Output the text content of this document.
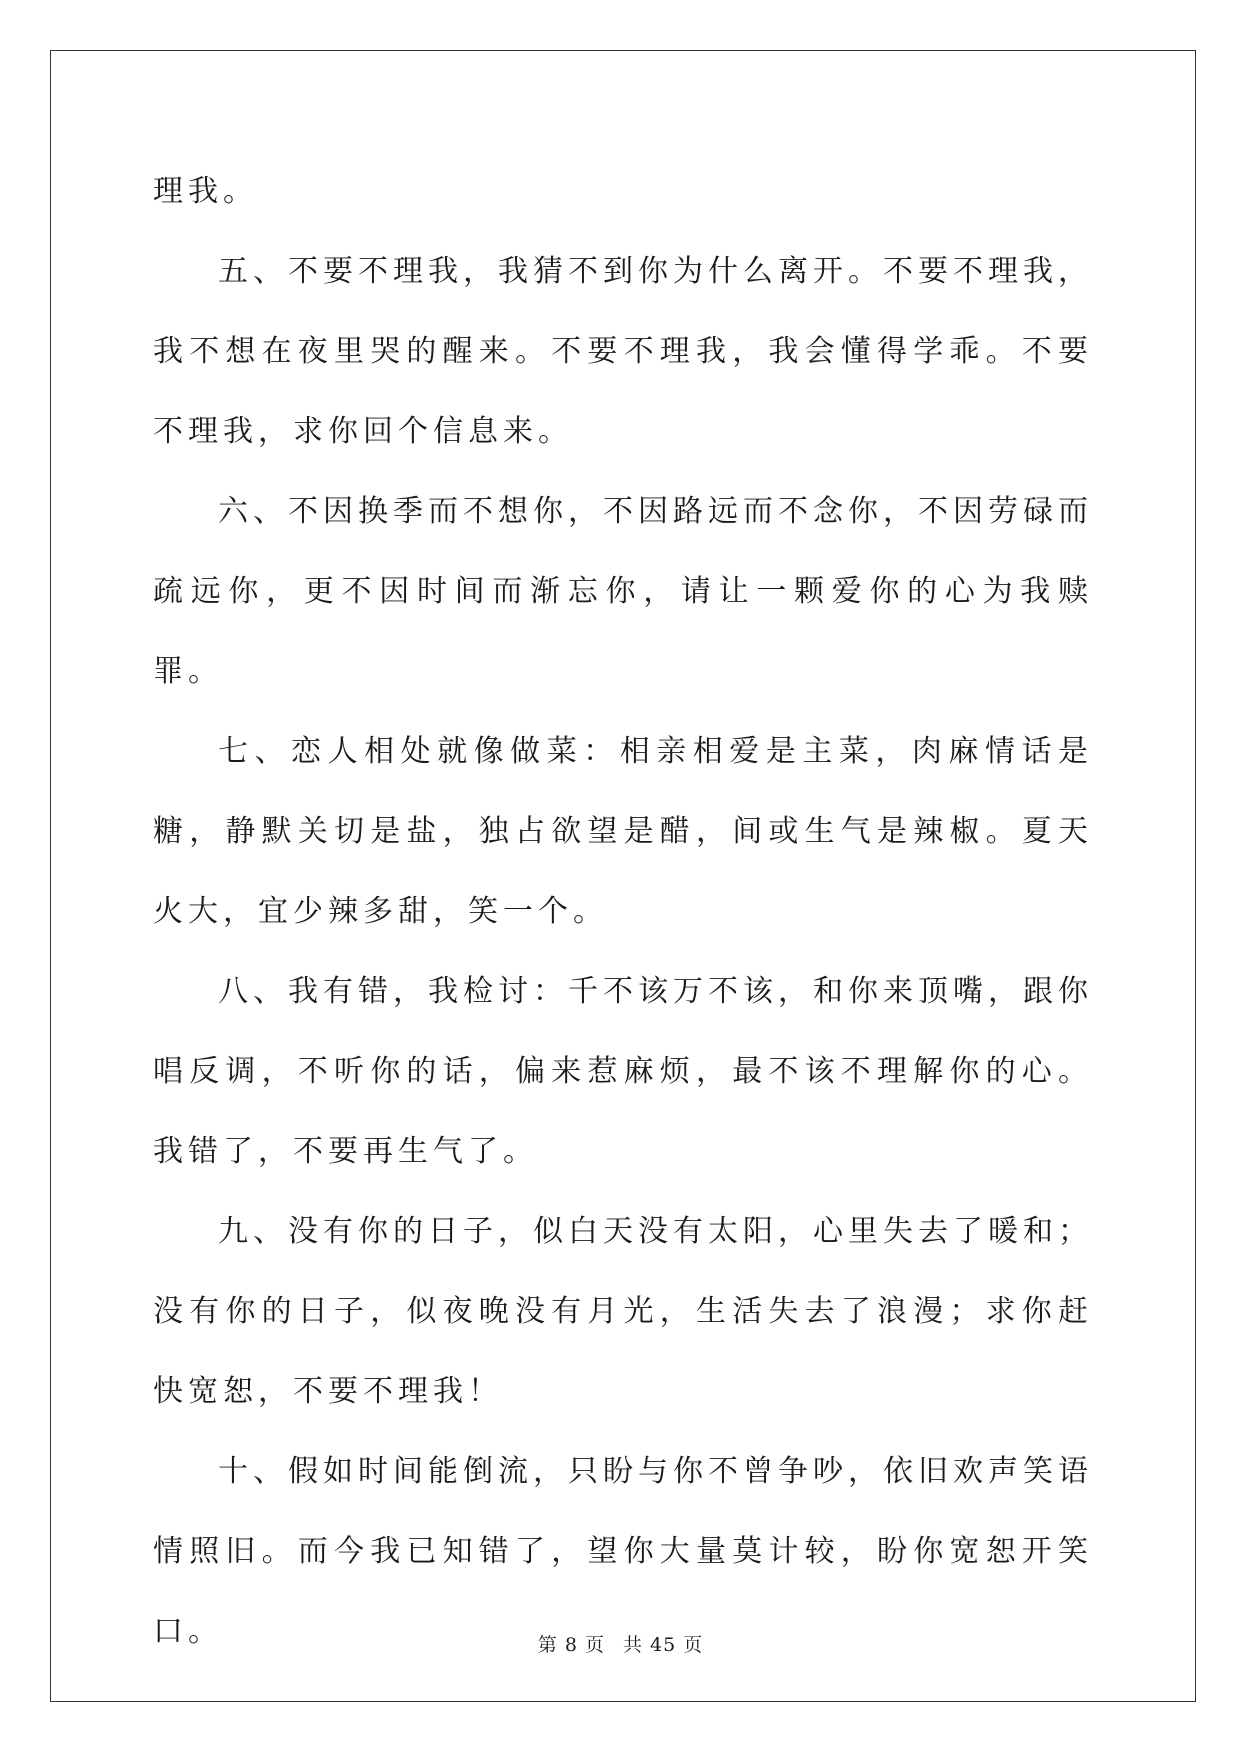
理我。

五、不要不理我，我猜不到你为什么离开。不要不理我，我不想在夜里哭的醒来。不要不理我，我会懂得学乖。不要不理我，求你回个信息来。

六、不因换季而不想你，不因路远而不念你，不因劳碌而疏远你，更不因时间而渐忘你，请让一颗爱你的心为我赎罪。

七、恋人相处就像做菜：相亲相爱是主菜，肉麻情话是糖，静默关切是盐，独占欲望是醋，间或生气是辣椒。夏天火大，宜少辣多甜，笑一个。

八、我有错，我检讨：千不该万不该，和你来顶嘴，跟你唱反调，不听你的话，偏来惹麻烦，最不该不理解你的心。我错了，不要再生气了。

九、没有你的日子，似白天没有太阳，心里失去了暖和；没有你的日子，似夜晚没有月光，生活失去了浪漫；求你赶快宽恕，不要不理我！

十、假如时间能倒流，只盼与你不曾争吵，依旧欢声笑语情照旧。而今我已知错了，望你大量莫计较，盼你宽恕开笑口。	第 8 页 共 45 页
